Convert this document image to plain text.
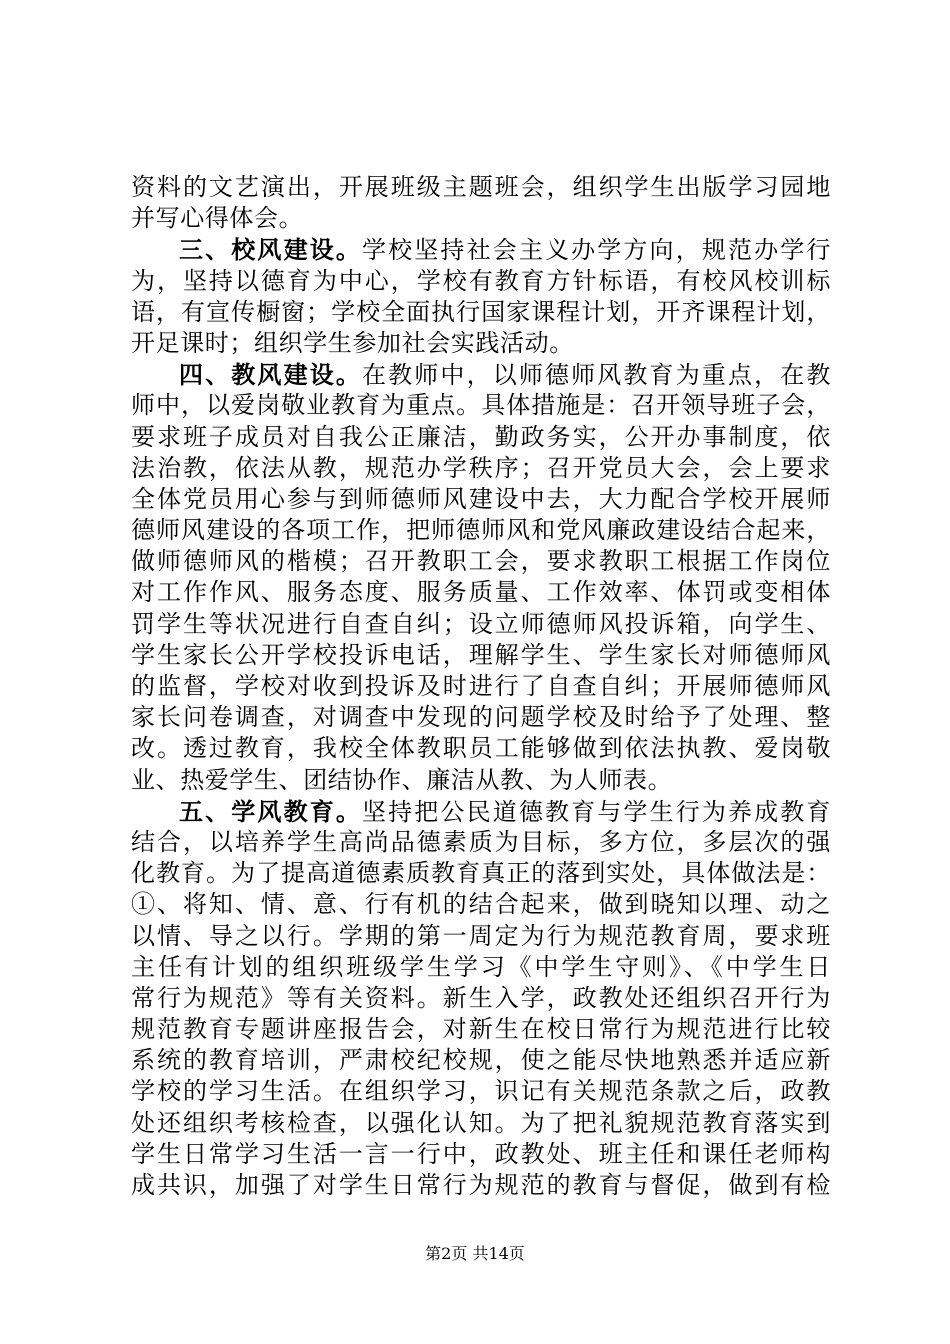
资料的文艺演出，开展班级主题班会，组织学生出版学习园地
并写心得体会。
三、校风建设。学校坚持社会主义办学方向，规范办学行
为，坚持以德育为中心，学校有教育方针标语，有校风校训标
语，有宣传橱窗；学校全面执行国家课程计划，开齐课程计划，
开足课时；组织学生参加社会实践活动。
四、教风建设。在教师中，以师德师风教育为重点，在教
师中，以爱岗敬业教育为重点。具体措施是：召开领导班子会，
要求班子成员对自我公正廉洁，勤政务实，公开办事制度，依
法治教，依法从教，规范办学秩序；召开党员大会，会上要求
全体党员用心参与到师德师风建设中去，大力配合学校开展师
德师风建设的各项工作，把师德师风和党风廉政建设结合起来，
做师德师风的楷模；召开教职工会，要求教职工根据工作岗位
对工作作风、服务态度、服务质量、工作效率、体罚或变相体
罚学生等状况进行自查自纠；设立师德师风投诉箱，向学生、
学生家长公开学校投诉电话，理解学生、学生家长对师德师风
的监督，学校对收到投诉及时进行了自查自纠；开展师德师风
家长问卷调查，对调查中发现的问题学校及时给予了处理、整
改。透过教育，我校全体教职员工能够做到依法执教、爱岗敬
业、热爱学生、团结协作、廉洁从教、为人师表。
五、学风教育。坚持把公民道德教育与学生行为养成教育
结合，以培养学生高尚品德素质为目标，多方位，多层次的强
化教育。为了提高道德素质教育真正的落到实处，具体做法是：
①、将知、情、意、行有机的结合起来，做到晓知以理、动之
以情、导之以行。学期的第一周定为行为规范教育周，要求班
主任有计划的组织班级学生学习《中学生守则》、《中学生日
常行为规范》等有关资料。新生入学，政教处还组织召开行为
规范教育专题讲座报告会，对新生在校日常行为规范进行比较
系统的教育培训，严肃校纪校规，使之能尽快地熟悉并适应新
学校的学习生活。在组织学习，识记有关规范条款之后，政教
处还组织考核检查，以强化认知。为了把礼貌规范教育落实到
学生日常学习生活一言一行中，政教处、班主任和课任老师构
成共识，加强了对学生日常行为规范的教育与督促，做到有检
第2页 共14页
